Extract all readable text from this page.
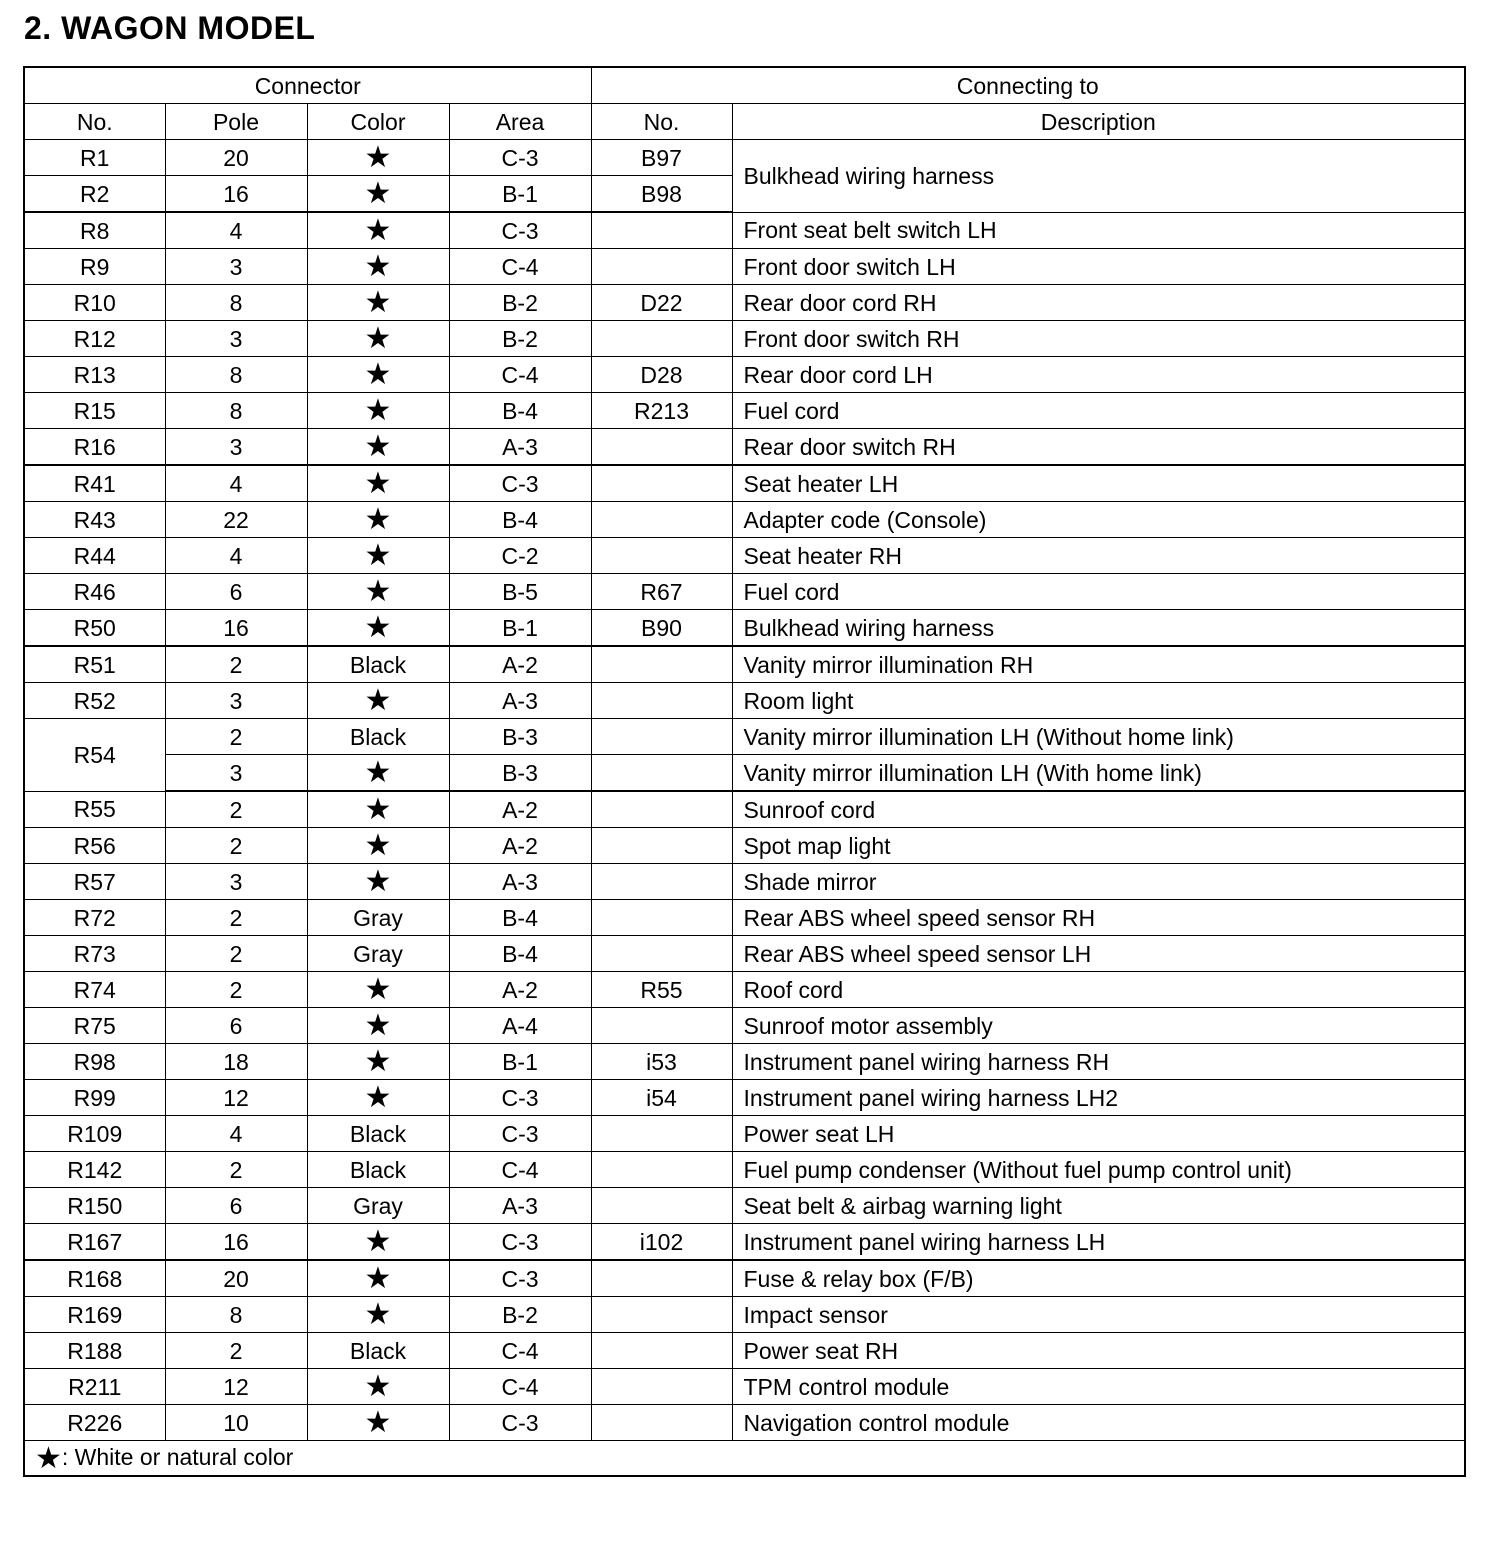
2. WAGON MODEL
Connector				Connecting to	
No.	Pole	Color	Area	No.	Description
R1	20	★	C-3	B97	Bulkhead wiring harness
R2	16	★	B-1	B98	
R8	4	★	C-3		Front seat belt switch LH
R9	3	★	C-4		Front door switch LH
R10	8	★	B-2	D22	Rear door cord RH
R12	3	★	B-2		Front door switch RH
R13	8	★	C-4	D28	Rear door cord LH
R15	8	★	B-4	R213	Fuel cord
R16	3	★	A-3		Rear door switch RH
R41	4	★	C-3		Seat heater LH
R43	22	★	B-4		Adapter code (Console)
R44	4	★	C-2		Seat heater RH
R46	6	★	B-5	R67	Fuel cord
R50	16	★	B-1	B90	Bulkhead wiring harness
R51	2	Black	A-2		Vanity mirror illumination RH
R52	3	★	A-3		Room light
R54	2	Black	B-3		Vanity mirror illumination LH (Without home link)
	3	★	B-3		Vanity mirror illumination LH (With home link)
R55	2	★	A-2		Sunroof cord
R56	2	★	A-2		Spot map light
R57	3	★	A-3		Shade mirror
R72	2	Gray	B-4		Rear ABS wheel speed sensor RH
R73	2	Gray	B-4		Rear ABS wheel speed sensor LH
R74	2	★	A-2	R55	Roof cord
R75	6	★	A-4		Sunroof motor assembly
R98	18	★	B-1	i53	Instrument panel wiring harness RH
R99	12	★	C-3	i54	Instrument panel wiring harness LH2
R109	4	Black	C-3		Power seat LH
R142	2	Black	C-4		Fuel pump condenser (Without fuel pump control unit)
R150	6	Gray	A-3		Seat belt & airbag warning light
R167	16	★	C-3	i102	Instrument panel wiring harness LH
R168	20	★	C-3		Fuse & relay box (F/B)
R169	8	★	B-2		Impact sensor
R188	2	Black	C-4		Power seat RH
R211	12	★	C-4		TPM control module
R226	10	★	C-3		Navigation control module
★: White or natural color					
